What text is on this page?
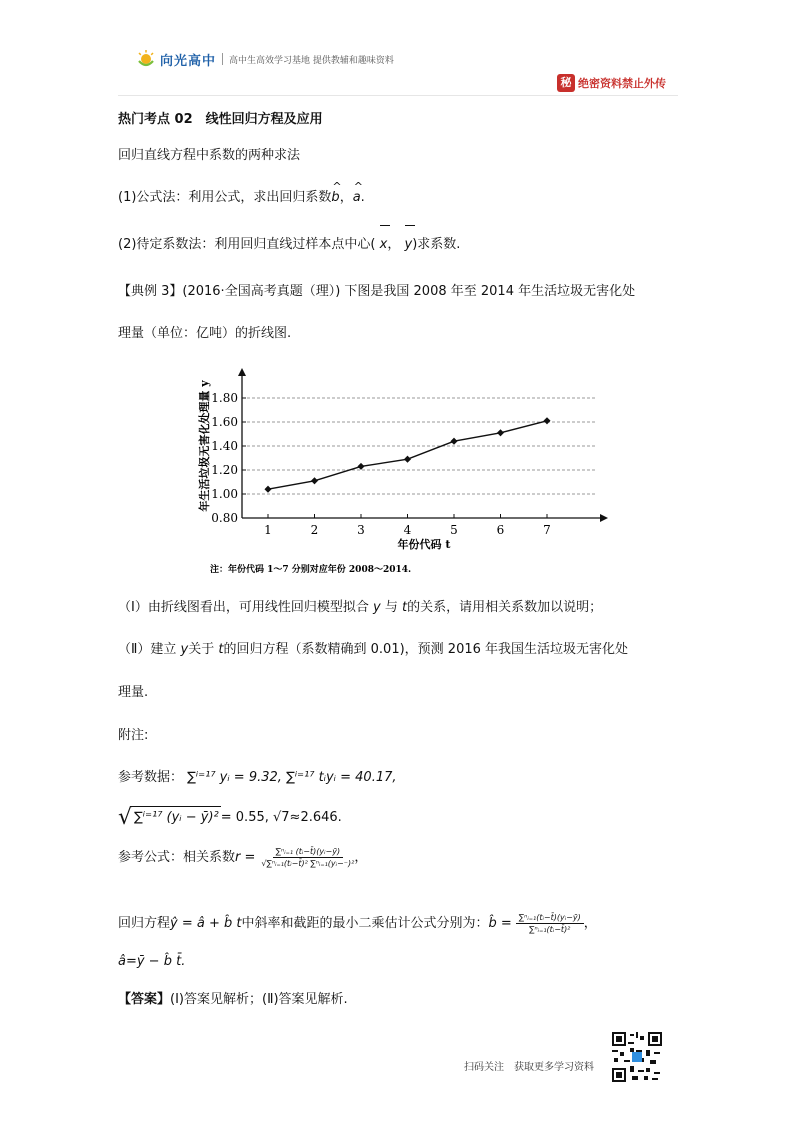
向光高中 高中生高效学习基地 提供教辅和趣味资料
秘 绝密资料禁止外传
热门考点 02　线性回归方程及应用
回归直线方程中系数的两种求法
(1)公式法：利用公式，求出回归系数^ b，^ a.
(2)待定系数法：利用回归直线过样本点中心( x， y)求系数.
【典例 3】(2016·全国高考真题（理）) 下图是我国 2008 年至 2014 年生活垃圾无害化处
理量（单位：亿吨）的折线图.
0.80
1.00
1.20
1.40
1.60
1.80
1	2	3	4	5	6	7
年生活垃圾无害化处理量 y
年份代码 t
注：年份代码 1～7 分别对应年份 2008～2014.
（Ⅰ）由折线图看出，可用线性回归模型拟合 y 与 t的关系，请用相关系数加以说明；
（Ⅱ）建立 y关于 t的回归方程（系数精确到 0.01)，预测 2016 年我国生活垃圾无害化处
理量.
附注:
参考数据： ∑ⁱ⁼¹⁷ yᵢ = 9.32, ∑ⁱ⁼¹⁷ tᵢyᵢ = 40.17,
√ ∑ⁱ⁼¹⁷ (yᵢ − ȳ)² = 0.55, √7≈2.646.
参考公式：相关系数 $r = \frac{\text{∑ⁿᵢ₌₁ (tᵢ−t̄)(yᵢ−ȳ)}}{\text{√∑ⁿᵢ₌₁(tᵢ−t̄)² ∑ⁿᵢ₌₁(yᵢ−⁻)²}}$ ，
回归方程 ŷ = â + b̂ t 中斜率和截距的最小二乘估计公式分别为： b̂ = $\frac{\text{∑ⁿᵢ₌₁(tᵢ−t̄)(yᵢ−ȳ)}}{\text{∑ⁿᵢ₌₁(tᵢ−t̄)²}}$ ，
â=ȳ − b̂ t̄.
【答案】(Ⅰ)答案见解析；(Ⅱ)答案见解析.
扫码关注　获取更多学习资料
